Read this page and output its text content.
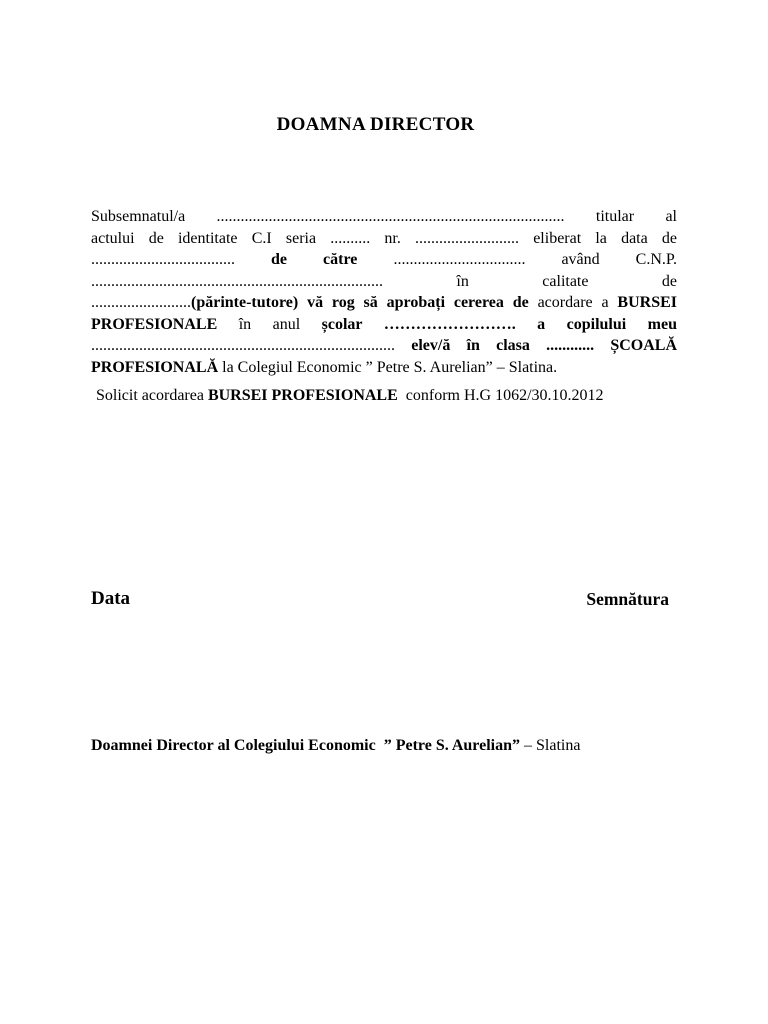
DOAMNA DIRECTOR
Subsemnatul/a ....................................................................................... titular al
actului de identitate C.I seria .......... nr. .......................... eliberat la data de
.................................... de către ................................. având C.N.P.
......................................................................... în calitate de
.........................(părinte-tutore) vă rog să aprobați cererea de acordare a BURSEI
PROFESIONALE în anul școlar ……………………. a copilului meu
............................................................................ elev/ă în clasa ............ ȘCOALĂ
PROFESIONALĂ la Colegiul Economic ” Petre S. Aurelian” – Slatina.
Solicit acordarea BURSEI PROFESIONALE  conform H.G 1062/30.10.2012
Data	Semnătura
Doamnei Director al Colegiului Economic  ” Petre S. Aurelian” – Slatina
